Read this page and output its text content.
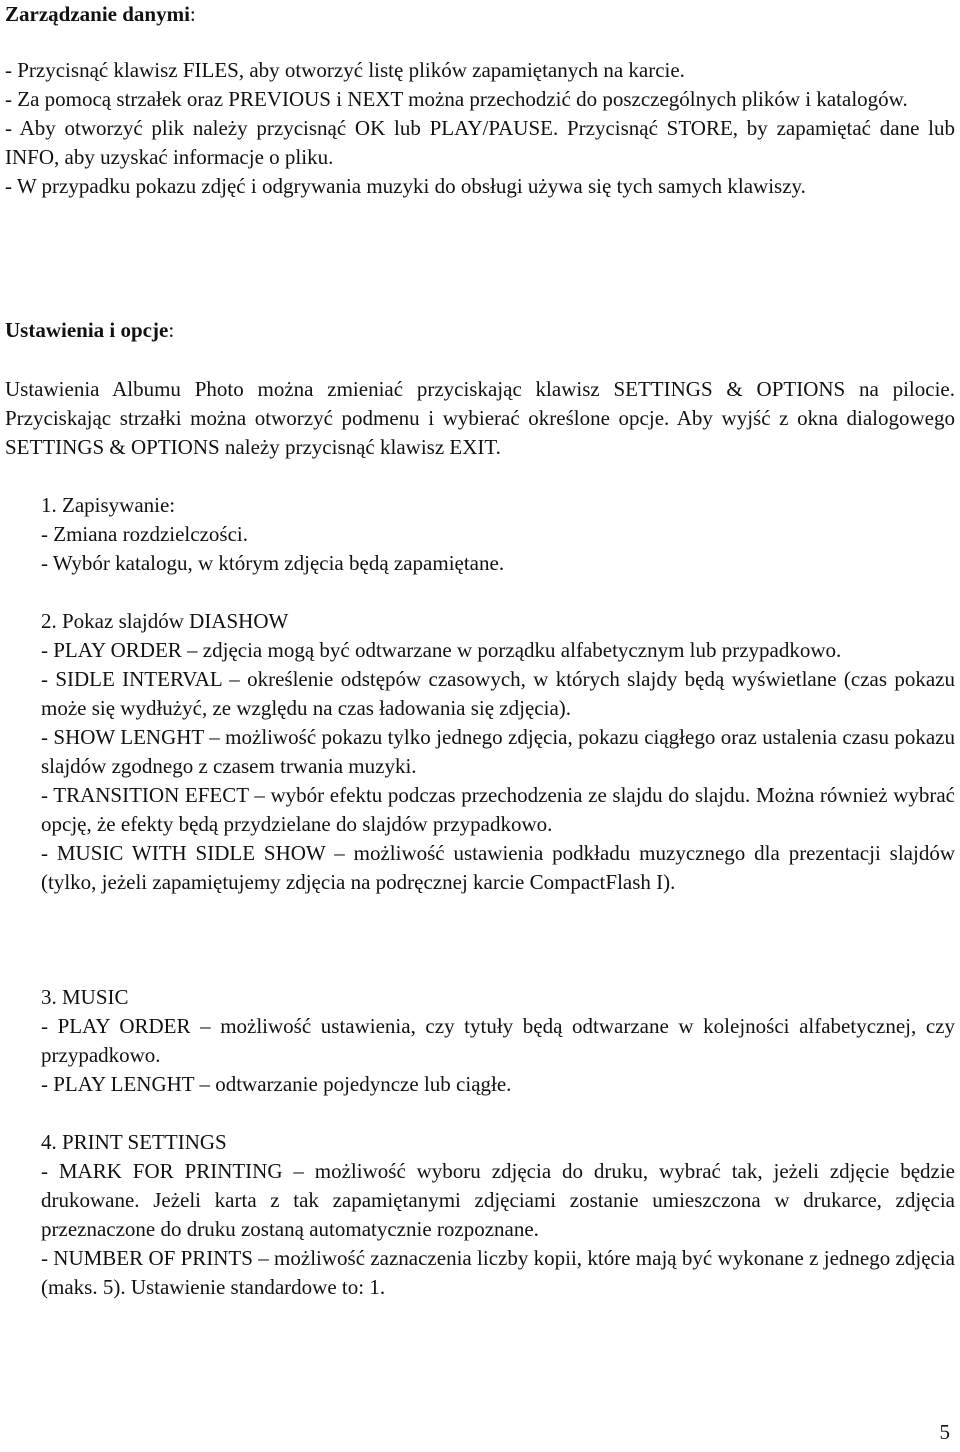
Zarządzanie danymi:

- Przycisnąć klawisz FILES, aby otworzyć listę plików zapamiętanych na karcie.

- Za pomocą strzałek oraz PREVIOUS i NEXT można przechodzić do poszczególnych plików i katalogów.

- Aby otworzyć plik należy przycisnąć OK lub PLAY/PAUSE. Przycisnąć STORE, by zapamiętać dane lub INFO, aby uzyskać informacje o pliku.

- W przypadku pokazu zdjęć i odgrywania muzyki do obsługi używa się tych samych klawiszy.

Ustawienia i opcje:

Ustawienia Albumu Photo można zmieniać przyciskając klawisz SETTINGS & OPTIONS na pilocie. Przyciskając strzałki można otworzyć podmenu i wybierać określone opcje. Aby wyjść z okna dialogowego SETTINGS & OPTIONS należy przycisnąć klawisz EXIT.

1. Zapisywanie:

- Zmiana rozdzielczości.

- Wybór katalogu, w którym zdjęcia będą zapamiętane.

2. Pokaz slajdów DIASHOW

- PLAY ORDER – zdjęcia mogą być odtwarzane w porządku alfabetycznym lub przypadkowo.

- SIDLE INTERVAL – określenie odstępów czasowych, w których slajdy będą wyświetlane (czas pokazu może się wydłużyć, ze względu na czas ładowania się zdjęcia).

- SHOW LENGHT – możliwość pokazu tylko jednego zdjęcia, pokazu ciągłego oraz ustalenia czasu pokazu slajdów zgodnego z czasem trwania muzyki.

- TRANSITION EFECT – wybór efektu podczas przechodzenia ze slajdu do slajdu. Można również wybrać opcję, że efekty będą przydzielane do slajdów przypadkowo.

- MUSIC WITH SIDLE SHOW – możliwość ustawienia podkładu muzycznego dla prezentacji slajdów (tylko, jeżeli zapamiętujemy zdjęcia na podręcznej karcie CompactFlash I).

3. MUSIC

- PLAY ORDER – możliwość ustawienia, czy tytuły będą odtwarzane w kolejności alfabetycznej, czy przypadkowo.

- PLAY LENGHT – odtwarzanie pojedyncze lub ciągłe.

4. PRINT SETTINGS

- MARK FOR PRINTING – możliwość wyboru zdjęcia do druku, wybrać tak, jeżeli zdjęcie będzie drukowane. Jeżeli karta z tak zapamiętanymi zdjęciami zostanie umieszczona w drukarce, zdjęcia przeznaczone do druku zostaną automatycznie rozpoznane.

- NUMBER OF PRINTS – możliwość zaznaczenia liczby kopii, które mają być wykonane z jednego zdjęcia (maks. 5). Ustawienie standardowe to: 1.

5
